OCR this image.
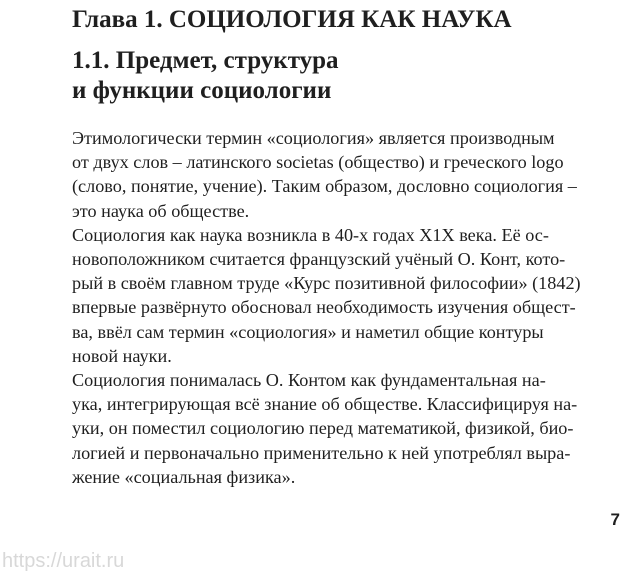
Глава 1. СОЦИОЛОГИЯ КАК НАУКА
1.1. Предмет, структура
и функции социологии

Этимологически термин «социология» является производным
от двух слов – латинского societas (общество) и греческого logo
(слово, понятие, учение). Таким образом, дословно социология –
это наука об обществе.

Социология как наука возникла в 40-х годах Х1Х века. Её ос-
новоположником считается французский учёный О. Конт, кото-
рый в своём главном труде «Курс позитивной философии» (1842)
впервые развёрнуто обосновал необходимость изучения общест-
ва, ввёл сам термин «социология» и наметил общие контуры
новой науки.

Социология понималась О. Контом как фундаментальная на-
ука, интегрирующая всё знание об обществе. Классифицируя на-
уки, он поместил социологию перед математикой, физикой, био-
логией и первоначально применительно к ней употреблял выра-
жение «социальная физика».

7
https://urait.ru
